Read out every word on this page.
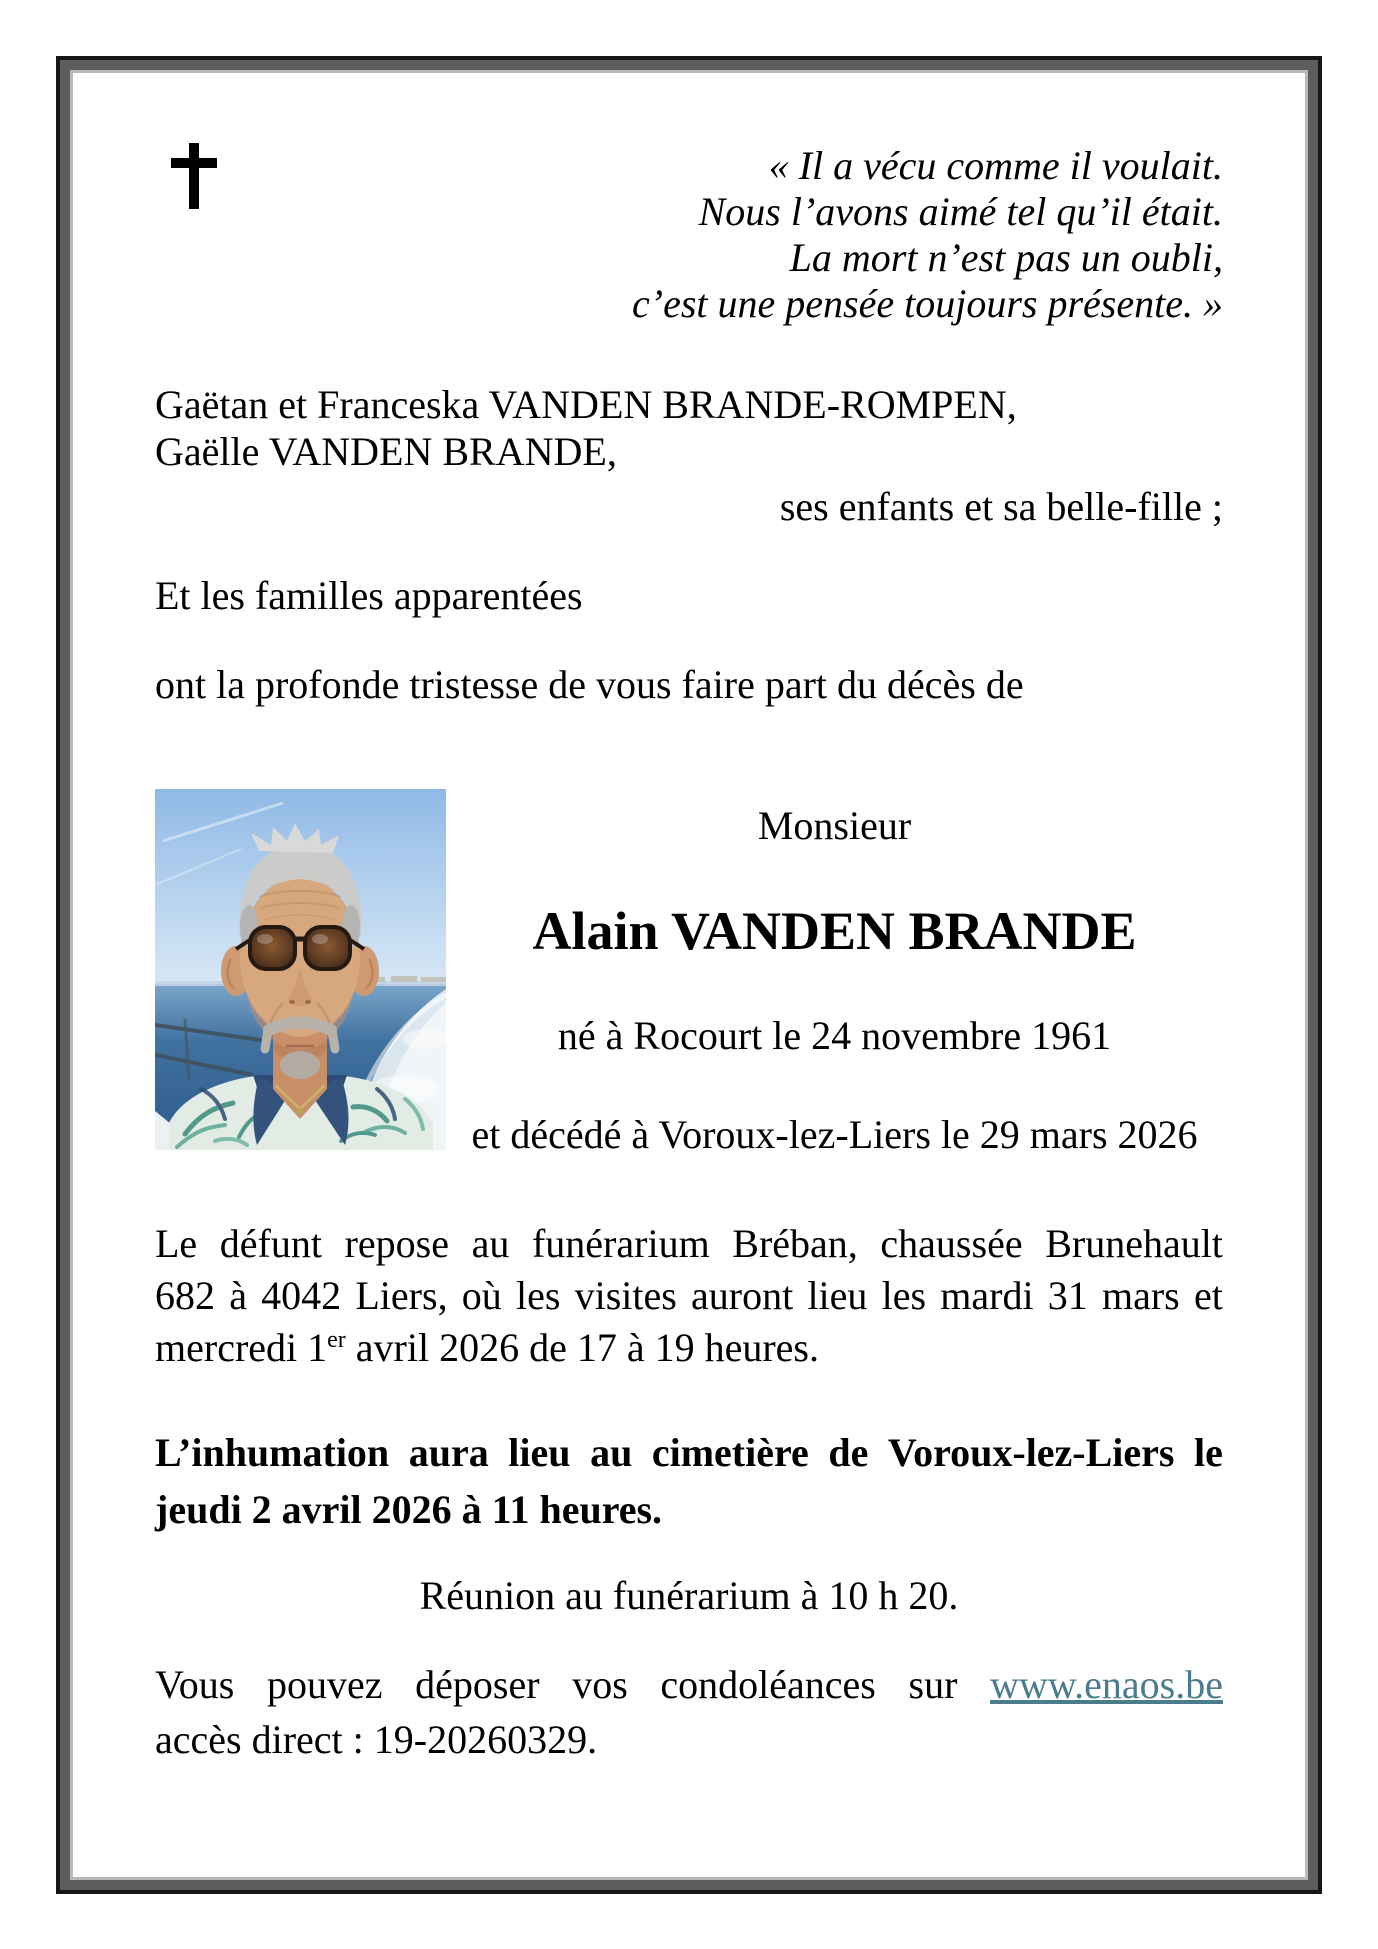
« Il a vécu comme il voulait.
Nous l’avons aimé tel qu’il était.
La mort n’est pas un oubli,
c’est une pensée toujours présente. »
Gaëtan et Franceska VANDEN BRANDE-ROMPEN,
Gaëlle VANDEN BRANDE,
ses enfants et sa belle-fille ;
Et les familles apparentées
ont la profonde tristesse de vous faire part du décès de
Monsieur
Alain VANDEN BRANDE
né à Rocourt le 24 novembre 1961
et décédé à Voroux-lez-Liers le 29 mars 2026
Le défunt repose au funérarium Bréban, chaussée Brunehault
682 à 4042 Liers, où les visites auront lieu les mardi 31 mars et
mercredi 1er avril 2026 de 17 à 19 heures.
L’inhumation aura lieu au cimetière de Voroux-lez-Liers le
jeudi 2 avril 2026 à 11 heures.
Réunion au funérarium à 10 h 20.
Vous pouvez déposer vos condoléances sur www.enaos.be
accès direct : 19-20260329.
